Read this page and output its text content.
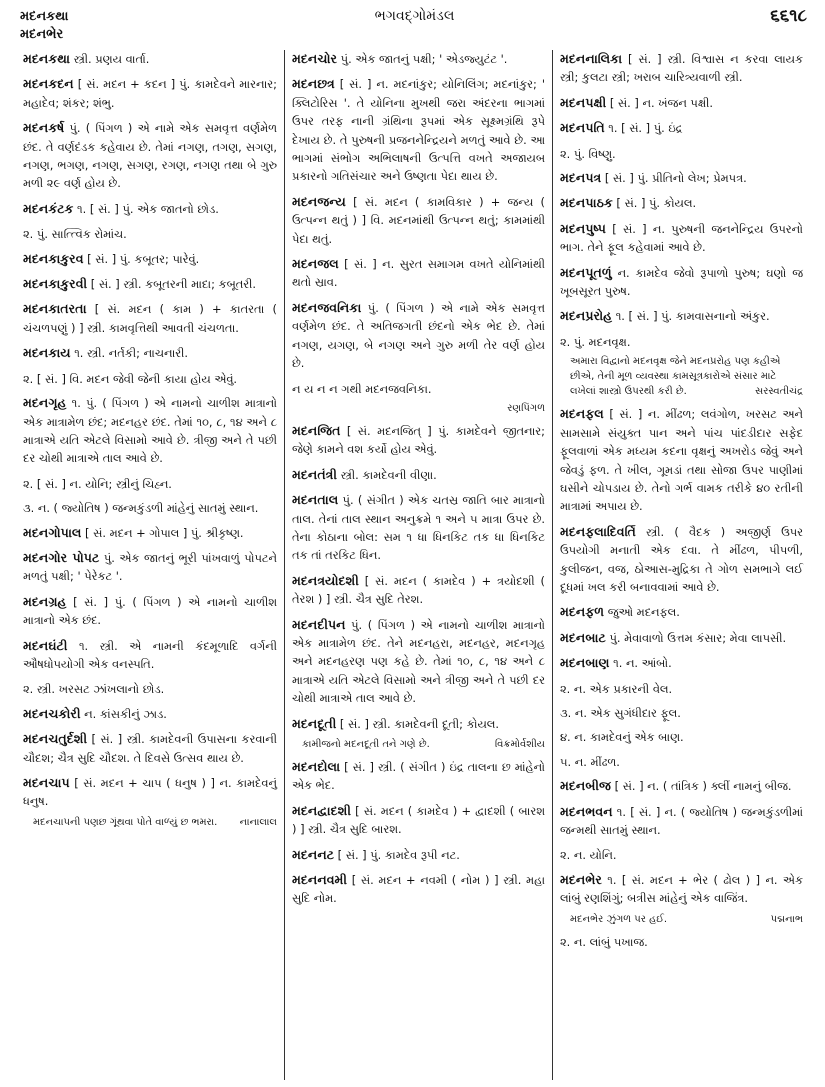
મદનકથા
મદનભેર
ભગવદ્ગોમંડલ	૬૬૧૮
મદનકથા સ્ત્રી. પ્રણય વાર્તા.
મદનકદન [ સં. મદન + કદન ] પું. કામદેવને મારનાર; મહાદેવ; શંકર; શંભુ.
મદનકર્ષ પું. ( પિંગળ ) એ નામે એક સમવૃત્ત વર્ણમેળ છંદ. તે વર્ણદંડક કહેવાય છે. તેમાં નગણ, તગણ, સગણ, નગણ, ભગણ, નગણ, સગણ, રગણ, નગણ તથા બે ગુરુ મળી ૨૯ વર્ણ હોય છે.
મદનકંટક ૧. [ સં. ] પું. એક જાતનો છોડ.
૨. પું. સાત્ત્વિક રોમાંચ.
મદનકાકુરવ [ સં. ] પું. કબૂતર; પારેવું.
મદનકાકુરવી [ સં. ] સ્ત્રી. કબૂતરની માદા; કબૂતરી.
મદનકાતરતા [ સં. મદન ( કામ ) + કાતરતા ( ચંચળપણું ) ] સ્ત્રી. કામવૃત્તિથી આવતી ચંચળતા.
મદનકાય ૧. સ્ત્રી. નર્તકી; નાચનારી.
૨. [ સં. ] વિ. મદન જેવી જેની કાયા હોય એવું.
મદનગૃહ ૧. પું. ( પિંગળ ) એ નામનો ચાળીશ માત્રાનો એક માત્રામેળ છંદ; મદનહર છંદ. તેમાં ૧૦, ૮, ૧૪ અને ૮ માત્રાએ યતિ એટલે વિસામો આવે છે. ત્રીજી અને તે પછી દર ચોથી માત્રાએ તાલ આવે છે.
૨. [ સં. ] ન. યોનિ; સ્ત્રીનું ચિહ્ન.
૩. ન. ( જ્યોતિષ ) જન્મકુંડળી માંહેનું સાતમું સ્થાન.
મદનગોપાલ [ સં. મદન + ગોપાલ ] પું. શ્રીકૃષ્ણ.
મદનગોર પોપટ પું. એક જાતનું ભૂરી પાંખવાળું પોપટને મળતું પક્ષી; ' પેરેકટ '.
મદનગ્રહ [ સં. ] પું. ( પિંગળ ) એ નામનો ચાળીશ માત્રાનો એક છંદ.
મદનઘંટી ૧. સ્ત્રી. એ નામની કંદમૂળાદિ વર્ગની ઔષધોપયોગી એક વનસ્પતિ.
૨. સ્ત્રી. ખરસટ ઝાંખલાનો છોડ.
મદનચકોરી ન. કાંસકીનું ઝાડ.
મદનચતુર્દશી [ સં. ] સ્ત્રી. કામદેવની ઉપાસના કરવાની ચૌદશ; ચૈત્ર સુદિ ચૌદશ. તે દિવસે ઉત્સવ થાય છે.
મદનચાપ [ સં. મદન + ચાપ ( ધનુષ ) ] ન. કામદેવનું ધનુષ.
મદનચાપની પણછ ગૂંથવા પોતે વાળ્યું છ ભમરા. નાનાલાલ
મદનચોર પું. એક જાતનું પક્ષી; ' એડજ્યુટંટ '.
મદનછત્ર [ સં. ] ન. મદનાંકુર; યોનિલિંગ; મદનાંકુર; ' ક્લિટોરિસ '. તે યોનિના મુખથી જરા અંદરના ભાગમાં ઉપર તરફ નાની ગ્રંથિના રૂપમાં એક સૂક્ષ્મગ્રંથિ રૂપે દેખાય છે. તે પુરુષની પ્રજનનેન્દ્રિયને મળતું આવે છે. આ ભાગમાં સંભોગ અભિલાષની ઉત્પત્તિ વખતે અજાયબ પ્રકારનો ગતિસંચાર અને ઉષ્ણતા પેદા થાય છે.
મદનજન્ય [ સં. મદન ( કામવિકાર ) + જન્ય ( ઉત્પન્ન થતું ) ] વિ. મદનમાંથી ઉત્પન્ન થતું; કામમાંથી પેદા થતું.
મદનજલ [ સં. ] ન. સુરત સમાગમ વખતે યોનિમાંથી થતો સ્રાવ.
મદનજવનિકા પું. ( પિંગળ ) એ નામે એક સમવૃત્ત વર્ણમેળ છંદ. તે અતિજગતી છંદનો એક ભેદ છે. તેમાં નગણ, યગણ, બે નગણ અને ગુરુ મળી તેર વર્ણ હોય છે.
ન ય ન ન ગથી મદનજવનિકા.
રણપિંગળ
મદનજિત [ સં. મદનજિત્ ] પું. કામદેવને જીતનાર; જેણે કામને વશ કર્યો હોય એવું.
મદનતંત્રી સ્ત્રી. કામદેવની વીણા.
મદનતાલ પું. ( સંગીત ) એક ચતસ્ર જાતિ બાર માત્રાનો તાલ. તેનાં તાલ સ્થાન અનુક્રમે ૧ અને ૫ માત્રા ઉપર છે. તેના કોઠાના બોલ: સમ ૧ ધા ધિનકિટ તક ધા ધિનકિટ તક તાં તરકિટ ધિન.
મદનત્રયોદશી [ સં. મદન ( કામદેવ ) + ત્રયોદશી ( તેરશ ) ] સ્ત્રી. ચૈત્ર સુદિ તેરશ.
મદનદીપન પું. ( પિંગળ ) એ નામનો ચાળીશ માત્રાનો એક માત્રામેળ છંદ. તેને મદનહરા, મદનહર, મદનગૃહ અને મદનહરણ પણ કહે છે. તેમાં ૧૦, ૮, ૧૪ અને ૮ માત્રાએ યતિ એટલે વિસામો અને ત્રીજી અને તે પછી દર ચોથી માત્રાએ તાલ આવે છે.
મદનદૂતી [ સં. ] સ્ત્રી. કામદેવની દૂતી; કોયલ.
કામીજનો મદનદૂતી તને ગણે છે.	વિક્રમોર્વશીય
મદનદોલા [ સં. ] સ્ત્રી. ( સંગીત ) ઇંદ્ર તાલના છ માંહેનો એક ભેદ.
મદનદ્વાદશી [ સં. મદન ( કામદેવ ) + દ્વાદશી ( બારશ ) ] સ્ત્રી. ચૈત્ર સુદિ બારશ.
મદનનટ [ સં. ] પું. કામદેવ રૂપી નટ.
મદનનવમી [ સં. મદન + નવમી ( નોમ ) ] સ્ત્રી. મહા સુદિ નોમ.
મદનનાલિકા [ સં. ] સ્ત્રી. વિશ્વાસ ન કરવા લાયક સ્ત્રી; કુલટા સ્ત્રી; ખરાબ ચારિત્ર્યવાળી સ્ત્રી.
મદનપક્ષી [ સં. ] ન. ખંજન પક્ષી.
મદનપતિ ૧. [ સં. ] પું. ઇંદ્ર
૨. પું. વિષ્ણુ.
મદનપત્ર [ સં. ] પું. પ્રીતિનો લેખ; પ્રેમપત્ર.
મદનપાઠક [ સં. ] પું. કોયલ.
મદનપુષ્પ [ સં. ] ન. પુરુષની જનનેન્દ્રિય ઉપરનો ભાગ. તેને ફૂલ કહેવામાં આવે છે.
મદનપૂતળું ન. કામદેવ જેવો રૂપાળો પુરુષ; ઘણો જ ખૂબસૂરત પુરુષ.
મદનપ્રરોહ ૧. [ સં. ] પું. કામવાસનાનો અંકુર.
૨. પું. મદનવૃક્ષ.
અમારા વિદ્વાનો મદનવૃક્ષ જેને મદનપ્રરોહ પણ કહીએ છીએ, તેની મૂળ વ્યવસ્થા કામસૂત્રકારોએ સંસાર માટે લખેલાં શાસ્ત્રો ઉપરથી કરી છે.	સરસ્વતીચંદ્ર
મદનફલ [ સં. ] ન. મીંઢળ; લવંગોળ, ખરસટ અને સામસામે સંયુક્ત પાન અને પાંચ પાંદડીદાર સફેદ ફૂલવાળાં એક મધ્યમ કદના વૃક્ષનું અખરોડ જેવું અને જેવડું ફળ. તે ખીલ, ગૂમડાં તથા સોજા ઉપર પાણીમાં ઘસીને ચોપડાય છે. તેનો ગર્ભ વામક તરીકે ૪૦ રતીની માત્રામાં અપાય છે.
મદનફલાદિવર્તિ સ્ત્રી. ( વૈદક ) અજીર્ણ ઉપર ઉપયોગી મનાતી એક દવા. તે મીંઢળ, પીપળી, કુલીજન, વજ, ઠોઆસ-મુદ્રિકા તે ગોળ સમભાગે લઈ દૂધમાં ખલ કરી બનાવવામાં આવે છે.
મદનફળ જુઓ મદનફલ.
મદનબાટ પું. મેવાવાળો ઉત્તમ કંસાર; મેવા લાપસી.
મદનબાણ ૧. ન. આંબો.
૨. ન. એક પ્રકારની વેલ.
૩. ન. એક સુગંધીદાર ફૂલ.
૪. ન. કામદેવનું એક બાણ.
૫. ન. મીંઢળ.
મદનબીજ [ સં. ] ન. ( તાંત્રિક ) ક્લીં નામનું બીજ.
મદનભવન ૧. [ સં. ] ન. ( જ્યોતિષ ) જન્મકુંડળીમાં જન્મથી સાતમું સ્થાન.
૨. ન. યોનિ.
મદનભેર ૧. [ સં. મદન + ભેર ( ઢોલ ) ] ન. એક લાંબું રણશિંગું; બત્રીસ માંહેનું એક વાજિંત્ર.
મદનભેર ઝુંગળ પર હઈ.	પદ્મનાભ
૨. ન. લાંબું પખાજ.
